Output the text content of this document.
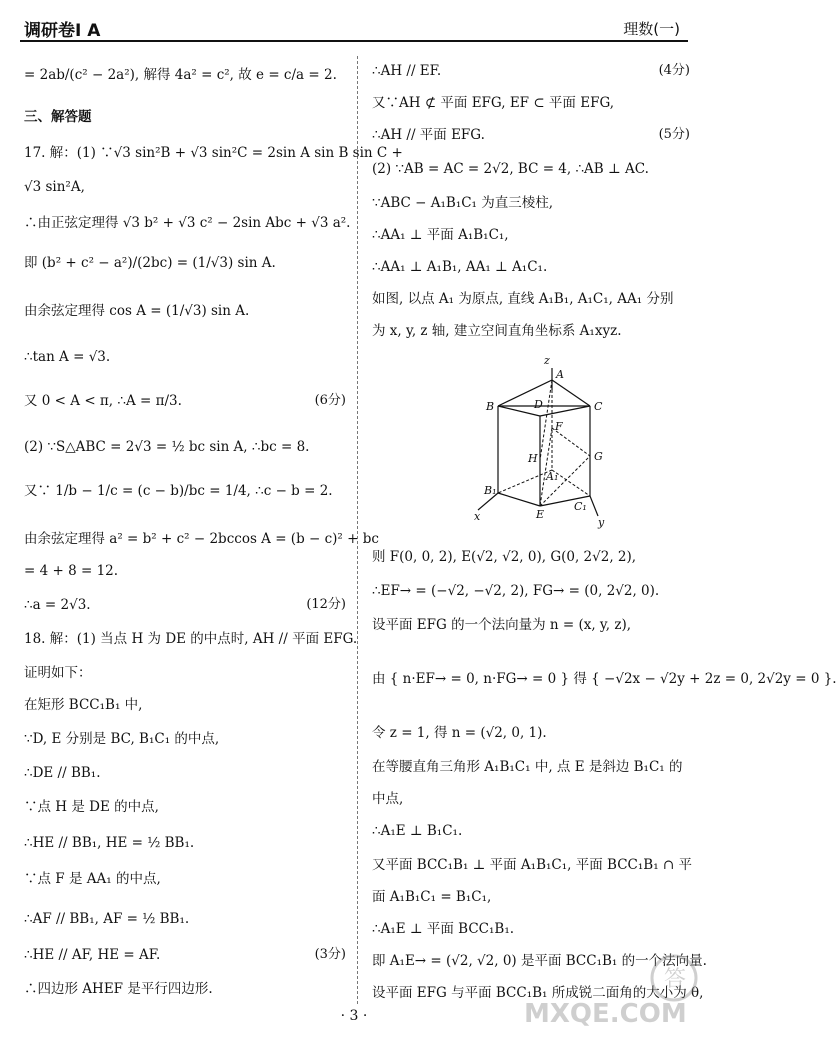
调研卷Ⅰ A	理数(一)
= 2ab/(c² − 2a²), 解得 4a² = c², 故 e = c/a = 2.
三、解答题
17. 解：(1) ∵√3 sin²B + √3 sin²C = 2sin A sin B sin C +
√3 sin²A,
∴由正弦定理得 √3 b² + √3 c² − 2sin Abc + √3 a².
即 (b² + c² − a²)/(2bc) = (1/√3) sin A.
由余弦定理得 cos A = (1/√3) sin A.
∴tan A = √3.
又 0 < A < π, ∴A = π/3.	(6分)
(2) ∵S△ABC = 2√3 = ½ bc sin A, ∴bc = 8.
又∵ 1/b − 1/c = (c − b)/bc = 1/4, ∴c − b = 2.
由余弦定理得 a² = b² + c² − 2bccos A = (b − c)² + bc
= 4 + 8 = 12.
∴a = 2√3.	(12分)
18. 解：(1) 当点 H 为 DE 的中点时, AH // 平面 EFG.
证明如下：
在矩形 BCC₁B₁ 中,
∵D, E 分别是 BC, B₁C₁ 的中点,
∴DE // BB₁.
∵点 H 是 DE 的中点,
∴HE // BB₁, HE = ½ BB₁.
∵点 F 是 AA₁ 的中点,
∴AF // BB₁, AF = ½ BB₁.
∴HE // AF, HE = AF.	(3分)
∴四边形 AHEF 是平行四边形.
∴AH // EF.	(4分)
又∵AH ⊄ 平面 EFG, EF ⊂ 平面 EFG,
∴AH // 平面 EFG.	(5分)
(2) ∵AB = AC = 2√2, BC = 4, ∴AB ⊥ AC.
∵ABC − A₁B₁C₁ 为直三棱柱,
∴AA₁ ⊥ 平面 A₁B₁C₁,
∴AA₁ ⊥ A₁B₁, AA₁ ⊥ A₁C₁.
如图, 以点 A₁ 为原点, 直线 A₁B₁, A₁C₁, AA₁ 分别
为 x, y, z 轴, 建立空间直角坐标系 A₁xyz.
则 F(0, 0, 2), E(√2, √2, 0), G(0, 2√2, 2),
∴EF→ = (−√2, −√2, 2), FG→ = (0, 2√2, 0).
设平面 EFG 的一个法向量为 n = (x, y, z),
由 { n·EF→ = 0, n·FG→ = 0 } 得 { −√2x − √2y + 2z = 0, 2√2y = 0 }.
令 z = 1, 得 n = (√2, 0, 1).
在等腰直角三角形 A₁B₁C₁ 中, 点 E 是斜边 B₁C₁ 的
中点,
∴A₁E ⊥ B₁C₁.
又平面 BCC₁B₁ ⊥ 平面 A₁B₁C₁, 平面 BCC₁B₁ ∩ 平
面 A₁B₁C₁ = B₁C₁,
∴A₁E ⊥ 平面 BCC₁B₁.
即 A₁E→ = (√2, √2, 0) 是平面 BCC₁B₁ 的一个法向量.
设平面 EFG 与平面 BCC₁B₁ 所成锐二面角的大小为 θ,
A
B	C
D
F
H	G
A₁
B₁
E
C₁
x	y
z
· 3 ·
答
MXQE.COM
